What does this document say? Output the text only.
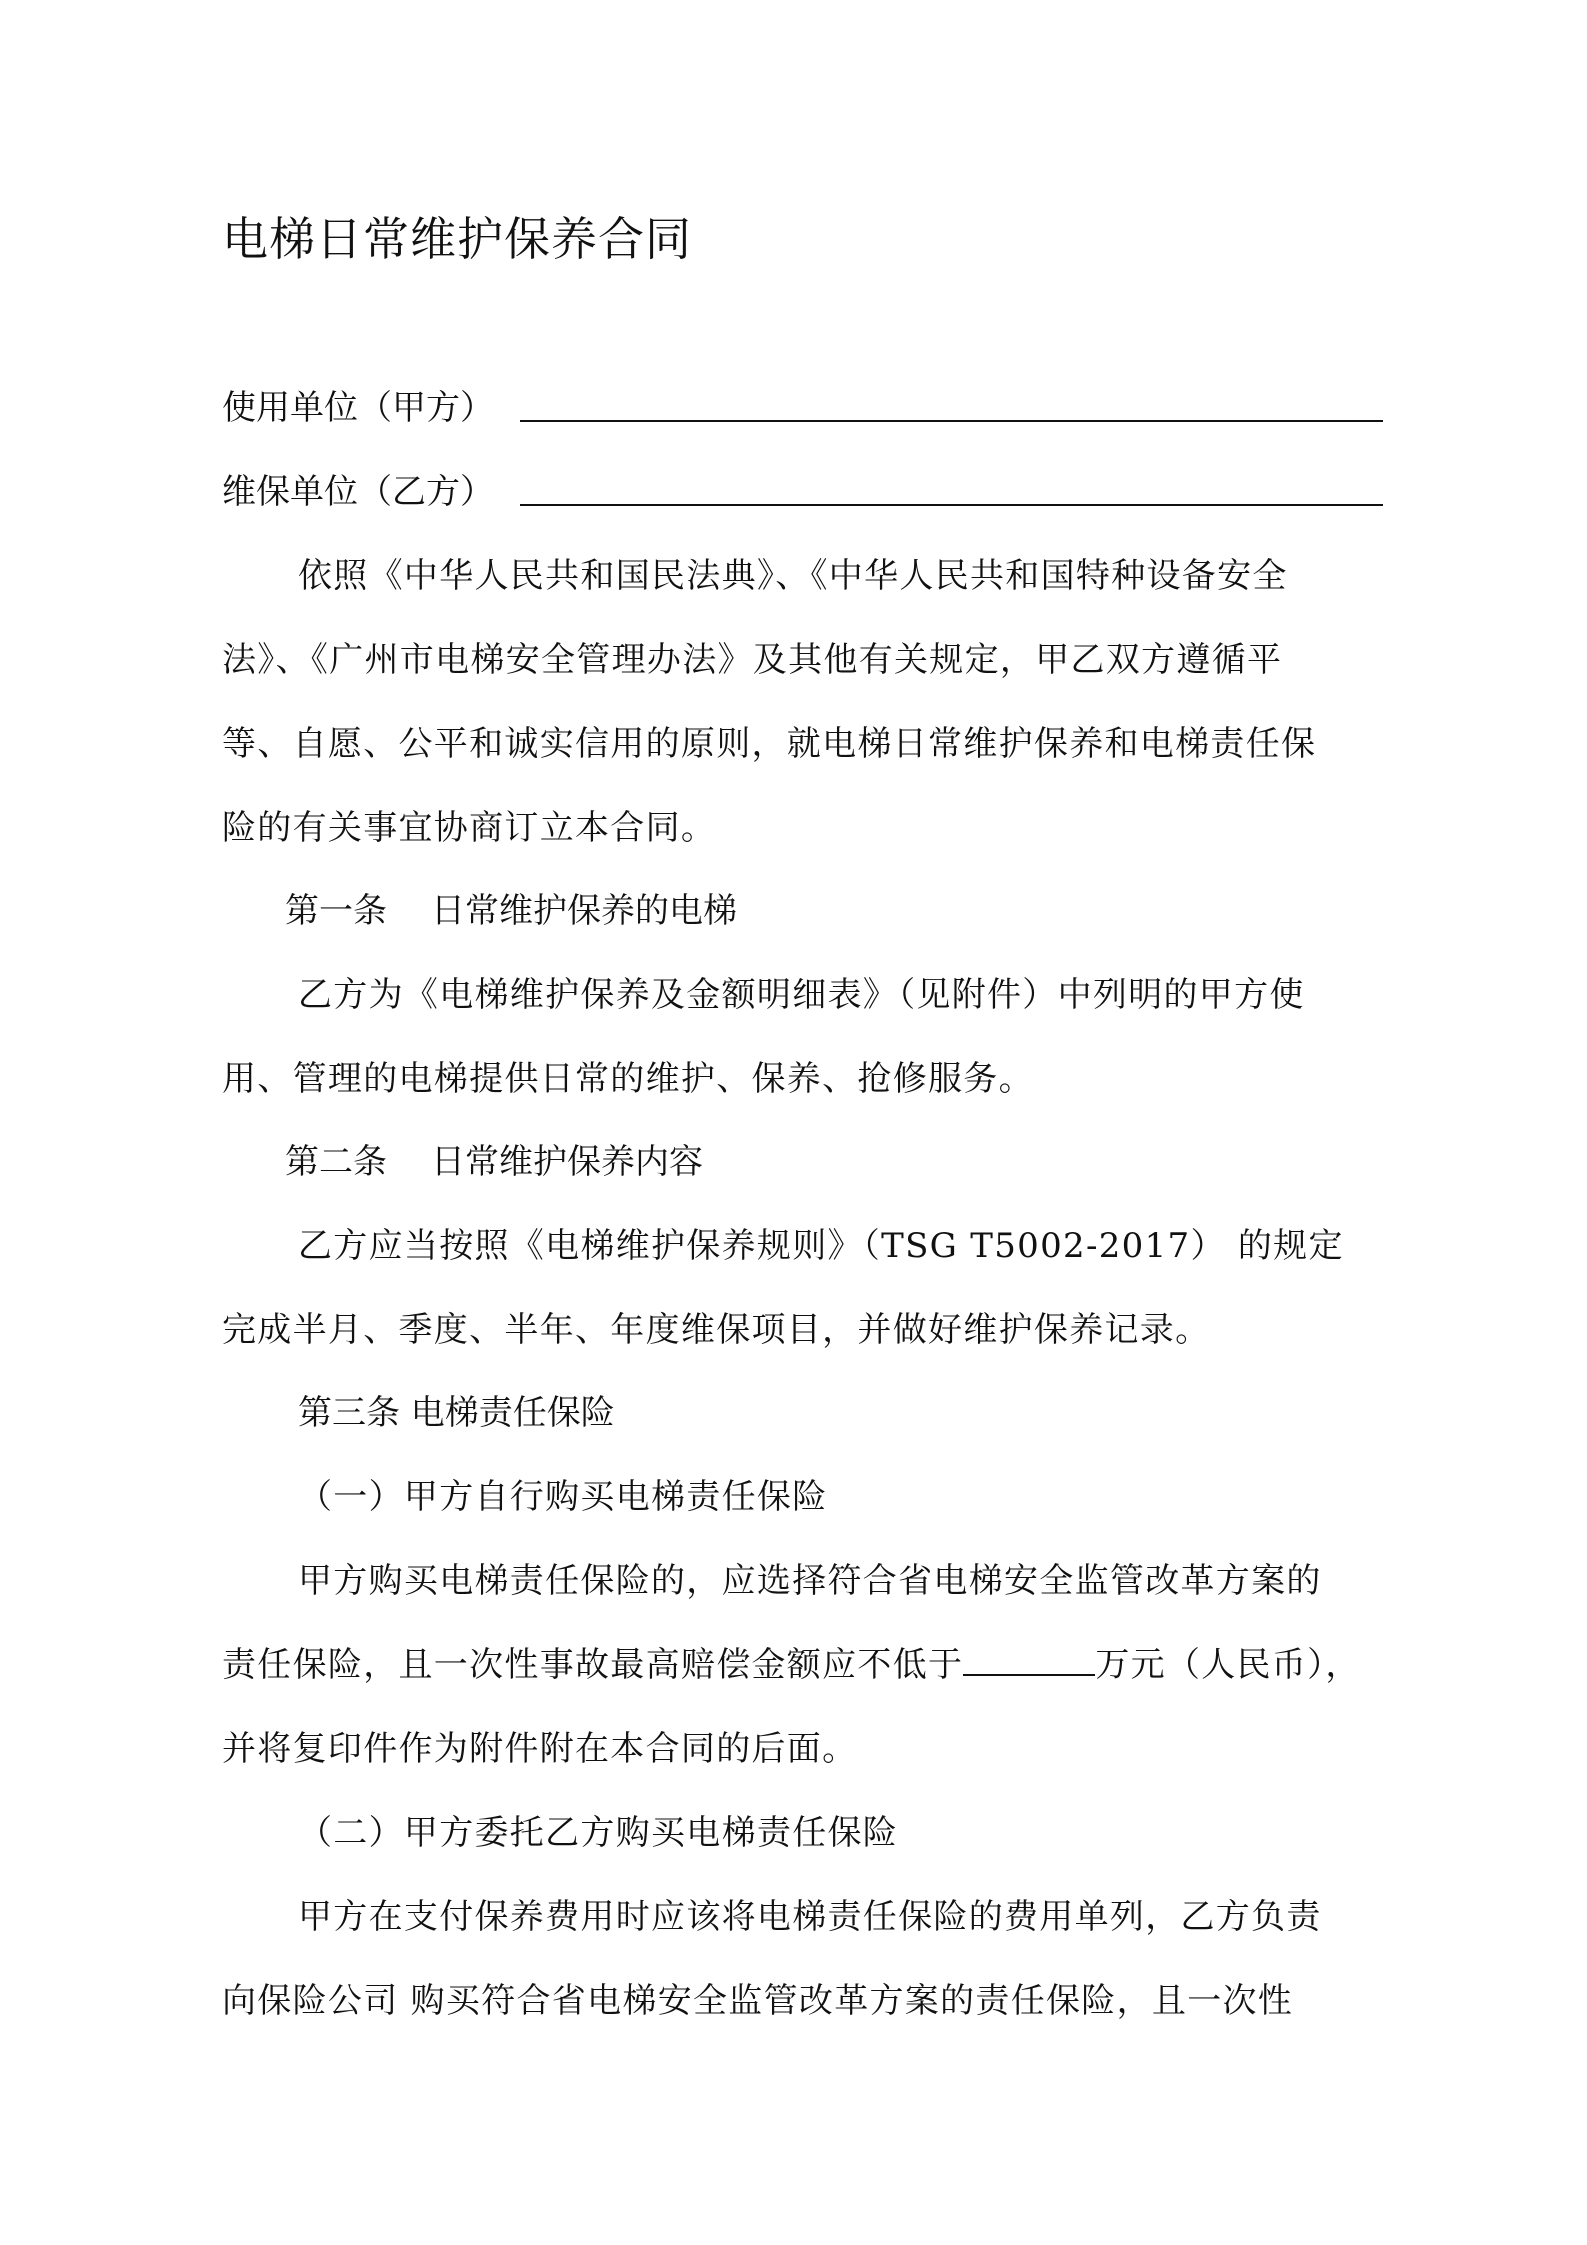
电梯日常维护保养合同
使用单位（甲方）
维保单位（乙方）
依照《中华人民共和国民法典》、《中华人民共和国特种设备安全
法》、《广州市电梯安全管理办法》及其他有关规定，甲乙双方遵循平
等、自愿、公平和诚实信用的原则，就电梯日常维护保养和电梯责任保
险的有关事宜协商订立本合同。
第一条 日常维护保养的电梯
乙方为《电梯维护保养及金额明细表》（见附件）中列明的甲方使
用、管理的电梯提供日常的维护、保养、抢修服务。
第二条 日常维护保养内容
乙方应当按照《电梯维护保养规则》（TSG T5002-2017） 的规定
完成半月、季度、半年、年度维保项目，并做好维护保养记录。
第三条 电梯责任保险
（一）甲方自行购买电梯责任保险
甲方购买电梯责任保险的，应选择符合省电梯安全监管改革方案的
责任保险，且一次性事故最高赔偿金额应不低于	万元（人民币），
并将复印件作为附件附在本合同的后面。
（二）甲方委托乙方购买电梯责任保险
甲方在支付保养费用时应该将电梯责任保险的费用单列，乙方负责
向保险公司 购买符合省电梯安全监管改革方案的责任保险，且一次性
